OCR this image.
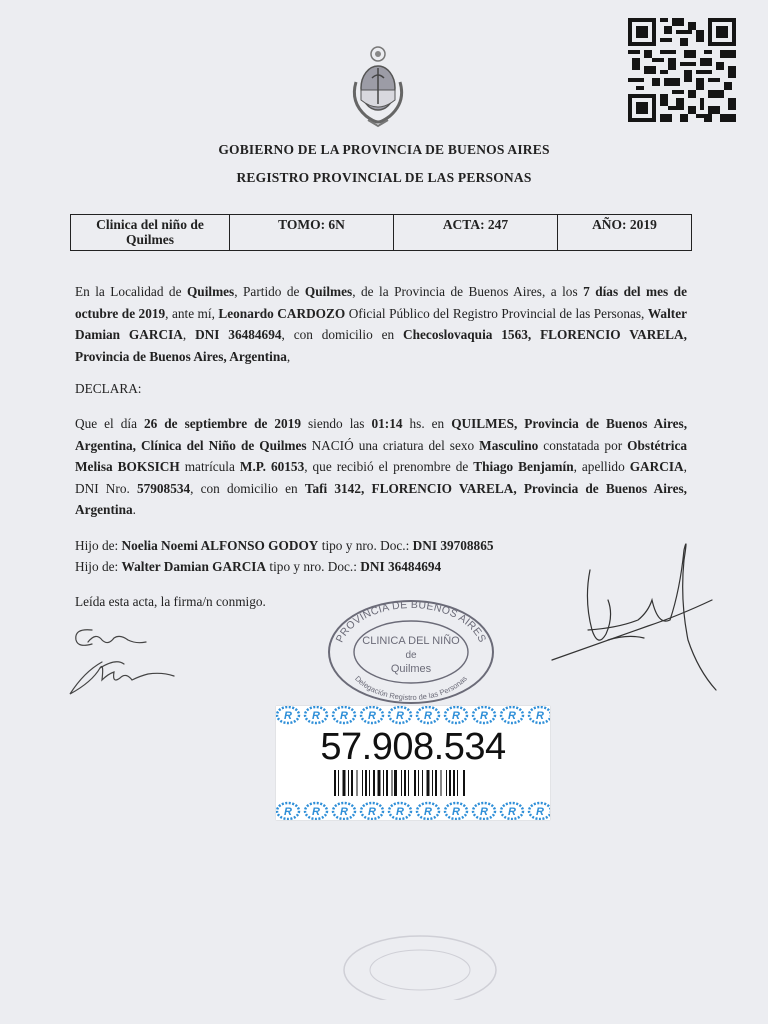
GOBIERNO DE LA PROVINCIA DE BUENOS AIRES
REGISTRO PROVINCIAL DE LAS PERSONAS
Clinica del niño de
Quilmes	TOMO: 6N	ACTA: 247	AÑO: 2019
En la Localidad de Quilmes, Partido de Quilmes, de la Provincia de Buenos Aires, a los 7 días del mes de octubre de 2019, ante mí, Leonardo CARDOZO Oficial Público del Registro Provincial de las Personas, Walter Damian GARCIA, DNI 36484694, con domicilio en Checoslovaquia 1563, FLORENCIO VARELA, Provincia de Buenos Aires, Argentina,
DECLARA:
Que el día 26 de septiembre de 2019 siendo las 01:14 hs. en QUILMES, Provincia de Buenos Aires, Argentina, Clínica del Niño de Quilmes NACIÓ una criatura del sexo Masculino constatada por Obstétrica Melisa BOKSICH matrícula M.P. 60153, que recibió el prenombre de Thiago Benjamín, apellido GARCIA, DNI Nro. 57908534, con domicilio en Tafi 3142, FLORENCIO VARELA, Provincia de Buenos Aires, Argentina.
Hijo de: Noelia Noemi ALFONSO GODOY tipo y nro. Doc.: DNI 39708865
Hijo de: Walter Damian GARCIA tipo y nro. Doc.: DNI 36484694
Leída esta acta, la firma/n conmigo.
PROVINCIA DE BUENOS AIRES
Delegación Registro de las Personas
CLINICA DEL NIÑO
de
Quilmes
R R R R R R R R R R
57.908.534
R R R R R R R R R R
